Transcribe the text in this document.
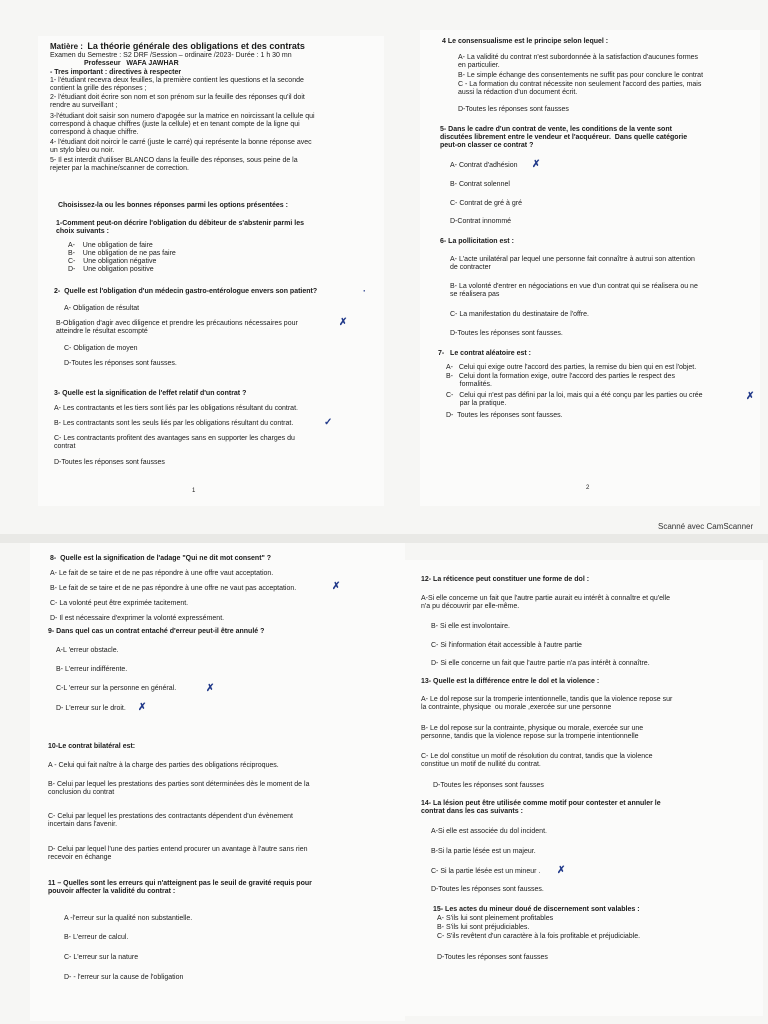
Matière : La théorie générale des obligations et des contrats
Examen du Semestre : S2 DRF /Session – ordinaire /2023- Durée : 1 h 30 mn
Professeur   WAFA JAWHAR
- Tres important : directives à respecter
1- l'étudiant recevra deux feuilles, la première contient les questions et la seconde
contient la grille des réponses ;
2- l'étudiant doit écrire son nom et son prénom sur la feuille des réponses qu'il doit
rendre au surveillant ;
3-l'étudiant doit saisir son numero d'apogée sur la matrice en noircissant la cellule qui
correspond à chaque chiffres (juste la cellule) et en tenant compte de la ligne qui
correspond à chaque chiffre.
4- l'étudiant doit noircir le carré (juste le carré) qui représente la bonne réponse avec
un stylo bleu ou noir.
5- Il est interdit d'utiliser BLANCO dans la feuille des réponses, sous peine de la
rejeter par la machine/scanner de correction.
Choisissez-la ou les bonnes réponses parmi les options présentées :
1-Comment peut-on décrire l'obligation du débiteur de s'abstenir parmi les
choix suivants :
A-    Une obligation de faire
B-    Une obligation de ne pas faire
C-    Une obligation négative
D-    Une obligation positive
2-  Quelle est l'obligation d'un médecin gastro-entérologue envers son patient?	·
A- Obligation de résultat
B-Obligation d'agir avec diligence et prendre les précautions nécessaires pour
atteindre le résultat escompté
✗
C- Obligation de moyen
D-Toutes les réponses sont fausses.
3- Quelle est la signification de l'effet relatif d'un contrat ?
A- Les contractants et les tiers sont liés par les obligations résultant du contrat.
B- Les contractants sont les seuls liés par les obligations résultant du contrat.	✓
C- Les contractants profitent des avantages sans en supporter les charges du
contrat
D-Toutes les réponses sont fausses
1
4 Le consensualisme est le principe selon lequel :
A- La validité du contrat n'est subordonnée à la satisfaction d'aucunes formes
en particulier.
B- Le simple échange des consentements ne suffit pas pour conclure le contrat
C - La formation du contrat nécessite non seulement l'accord des parties, mais
aussi la rédaction d'un document écrit.
D-Toutes les réponses sont fausses
5- Dans le cadre d'un contrat de vente, les conditions de la vente sont
discutées librement entre le vendeur et l'acquéreur.  Dans quelle catégorie
peut-on classer ce contrat ?
A- Contrat d'adhésion ✗
B- Contrat solennel
C- Contrat de gré à gré
D-Contrat innommé
6- La pollicitation est :
A- L'acte unilatéral par lequel une personne fait connaître à autrui son attention
de contracter
B- La volonté d'entrer en négociations en vue d'un contrat qui se réalisera ou ne
se réalisera pas
C- La manifestation du destinataire de l'offre.
D-Toutes les réponses sont fausses.
7-   Le contrat aléatoire est :
A-   Celui qui exige outre l'accord des parties, la remise du bien qui en est l'objet.
B-   Celui dont la formation exige, outre l'accord des parties le respect des
formalités.
C-   Celui qui n'est pas défini par la loi, mais qui a été conçu par les parties ou crée
par la pratique.
✗
D-  Toutes les réponses sont fausses.
2
Scanné avec CamScanner
8-  Quelle est la signification de l'adage "Qui ne dit mot consent" ?
A- Le fait de se taire et de ne pas répondre à une offre vaut acceptation.
B- Le fait de se taire et de ne pas répondre à une offre ne vaut pas acceptation.	✗
C- La volonté peut être exprimée tacitement.
D- Il est nécessaire d'exprimer la volonté expressément.
9- Dans quel cas un contrat entaché d'erreur peut-il être annulé ?
A-L 'erreur obstacle.
B- L'erreur indifférente.
C-L 'erreur sur la personne en général.	✗
D- L'erreur sur le droit. ✗
10-Le contrat bilatéral est:
A - Celui qui fait naître à la charge des parties des obligations réciproques.
B- Celui par lequel les prestations des parties sont déterminées dès le moment de la
conclusion du contrat
C- Celui par lequel les prestations des contractants dépendent d'un évènement
incertain dans l'avenir.
D- Celui par lequel l'une des parties entend procurer un avantage à l'autre sans rien
recevoir en échange
11 – Quelles sont les erreurs qui n'atteignent pas le seuil de gravité requis pour
pouvoir affecter la validité du contrat :
A -l'erreur sur la qualité non substantielle.
B- L'erreur de calcul.
C- L'erreur sur la nature
D- - l'erreur sur la cause de l'obligation
12- La réticence peut constituer une forme de dol :
A-Si elle concerne un fait que l'autre partie aurait eu intérêt à connaître et qu'elle
n'a pu découvrir par elle-même.
B- Si elle est involontaire.
C- Si l'information était accessible à l'autre partie
D- Si elle concerne un fait que l'autre partie n'a pas intérêt à connaître.
13- Quelle est la différence entre le dol et la violence :
A- Le dol repose sur la tromperie intentionnelle, tandis que la violence repose sur
la contrainte, physique  ou morale ,exercée sur une personne
B- Le dol repose sur la contrainte, physique ou morale, exercée sur une
personne, tandis que la violence repose sur la tromperie intentionnelle
C- Le dol constitue un motif de résolution du contrat, tandis que la violence
constitue un motif de nullité du contrat.
D-Toutes les réponses sont fausses
14- La lésion peut être utilisée comme motif pour contester et annuler le
contrat dans les cas suivants :
A-Si elle est associée du dol incident.
B-Si la partie lésée est un majeur.
C- Si la partie lésée est un mineur . ✗
D-Toutes les réponses sont fausses.
15- Les actes du mineur doué de discernement sont valables :
A- S'ils lui sont pleinement profitables
B- S'ils lui sont préjudiciables.
C- S'ils revêtent d'un caractère à la fois profitable et préjudiciable.
D-Toutes les réponses sont fausses
